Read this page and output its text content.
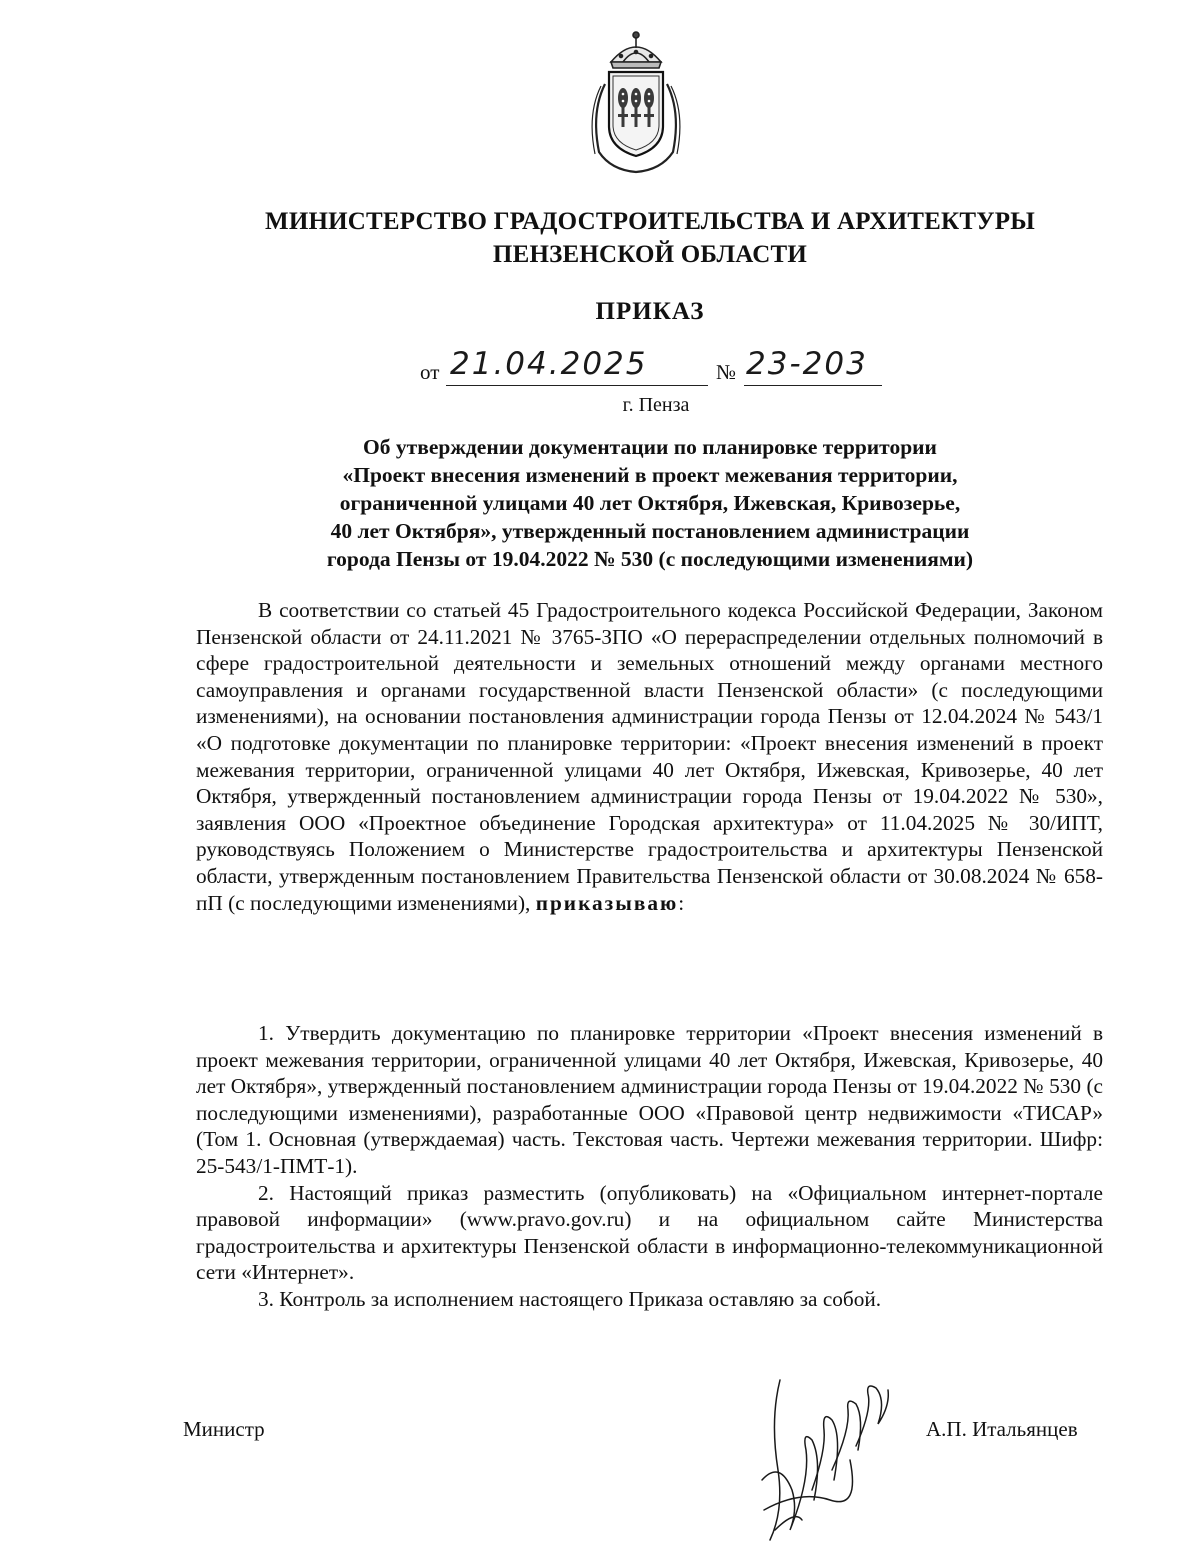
МИНИСТЕРСТВО ГРАДОСТРОИТЕЛЬСТВА И АРХИТЕКТУРЫ
ПЕНЗЕНСКОЙ ОБЛАСТИ
ПРИКАЗ
от 21.04.2025	№ 23-203
г. Пенза
Об утверждении документации по планировке территории
«Проект внесения изменений в проект межевания территории,
ограниченной улицами 40 лет Октября, Ижевская, Кривозерье,
40 лет Октября», утвержденный постановлением администрации
города Пензы от 19.04.2022 № 530 (с последующими изменениями)

В соответствии со статьей 45 Градостроительного кодекса Российской Федерации, Законом Пензенской области от 24.11.2021 № 3765-ЗПО «О перераспределении отдельных полномочий в сфере градостроительной деятельности и земельных отношений между органами местного самоуправления и органами государственной власти Пензенской области» (с последующими изменениями), на основании постановления администрации города Пензы от 12.04.2024 № 543/1 «О подготовке документации по планировке территории: «Проект внесения изменений в проект межевания территории, ограниченной улицами 40 лет Октября, Ижевская, Кривозерье, 40 лет Октября, утвержденный постановлением администрации города Пензы от 19.04.2022 № 530», заявления ООО «Проектное объединение Городская архитектура» от 11.04.2025 № 30/ИПТ, руководствуясь Положением о Министерстве градостроительства и архитектуры Пензенской области, утвержденным постановлением Правительства Пензенской области от 30.08.2024 № 658-пП (с последующими изменениями), приказываю:

1. Утвердить документацию по планировке территории «Проект внесения изменений в проект межевания территории, ограниченной улицами 40 лет Октября, Ижевская, Кривозерье, 40 лет Октября», утвержденный постановлением администрации города Пензы от 19.04.2022 № 530 (с последующими изменениями), разработанные ООО «Правовой центр недвижимости «ТИСАР» (Том 1. Основная (утверждаемая) часть. Текстовая часть. Чертежи межевания территории. Шифр: 25-543/1-ПМТ-1).

2. Настоящий приказ разместить (опубликовать) на «Официальном интернет-портале правовой информации» (www.pravo.gov.ru) и на официальном сайте Министерства градостроительства и архитектуры Пензенской области в информационно-телекоммуникационной сети «Интернет».

3. Контроль за исполнением настоящего Приказа оставляю за собой.

Министр	А.П. Итальянцев
